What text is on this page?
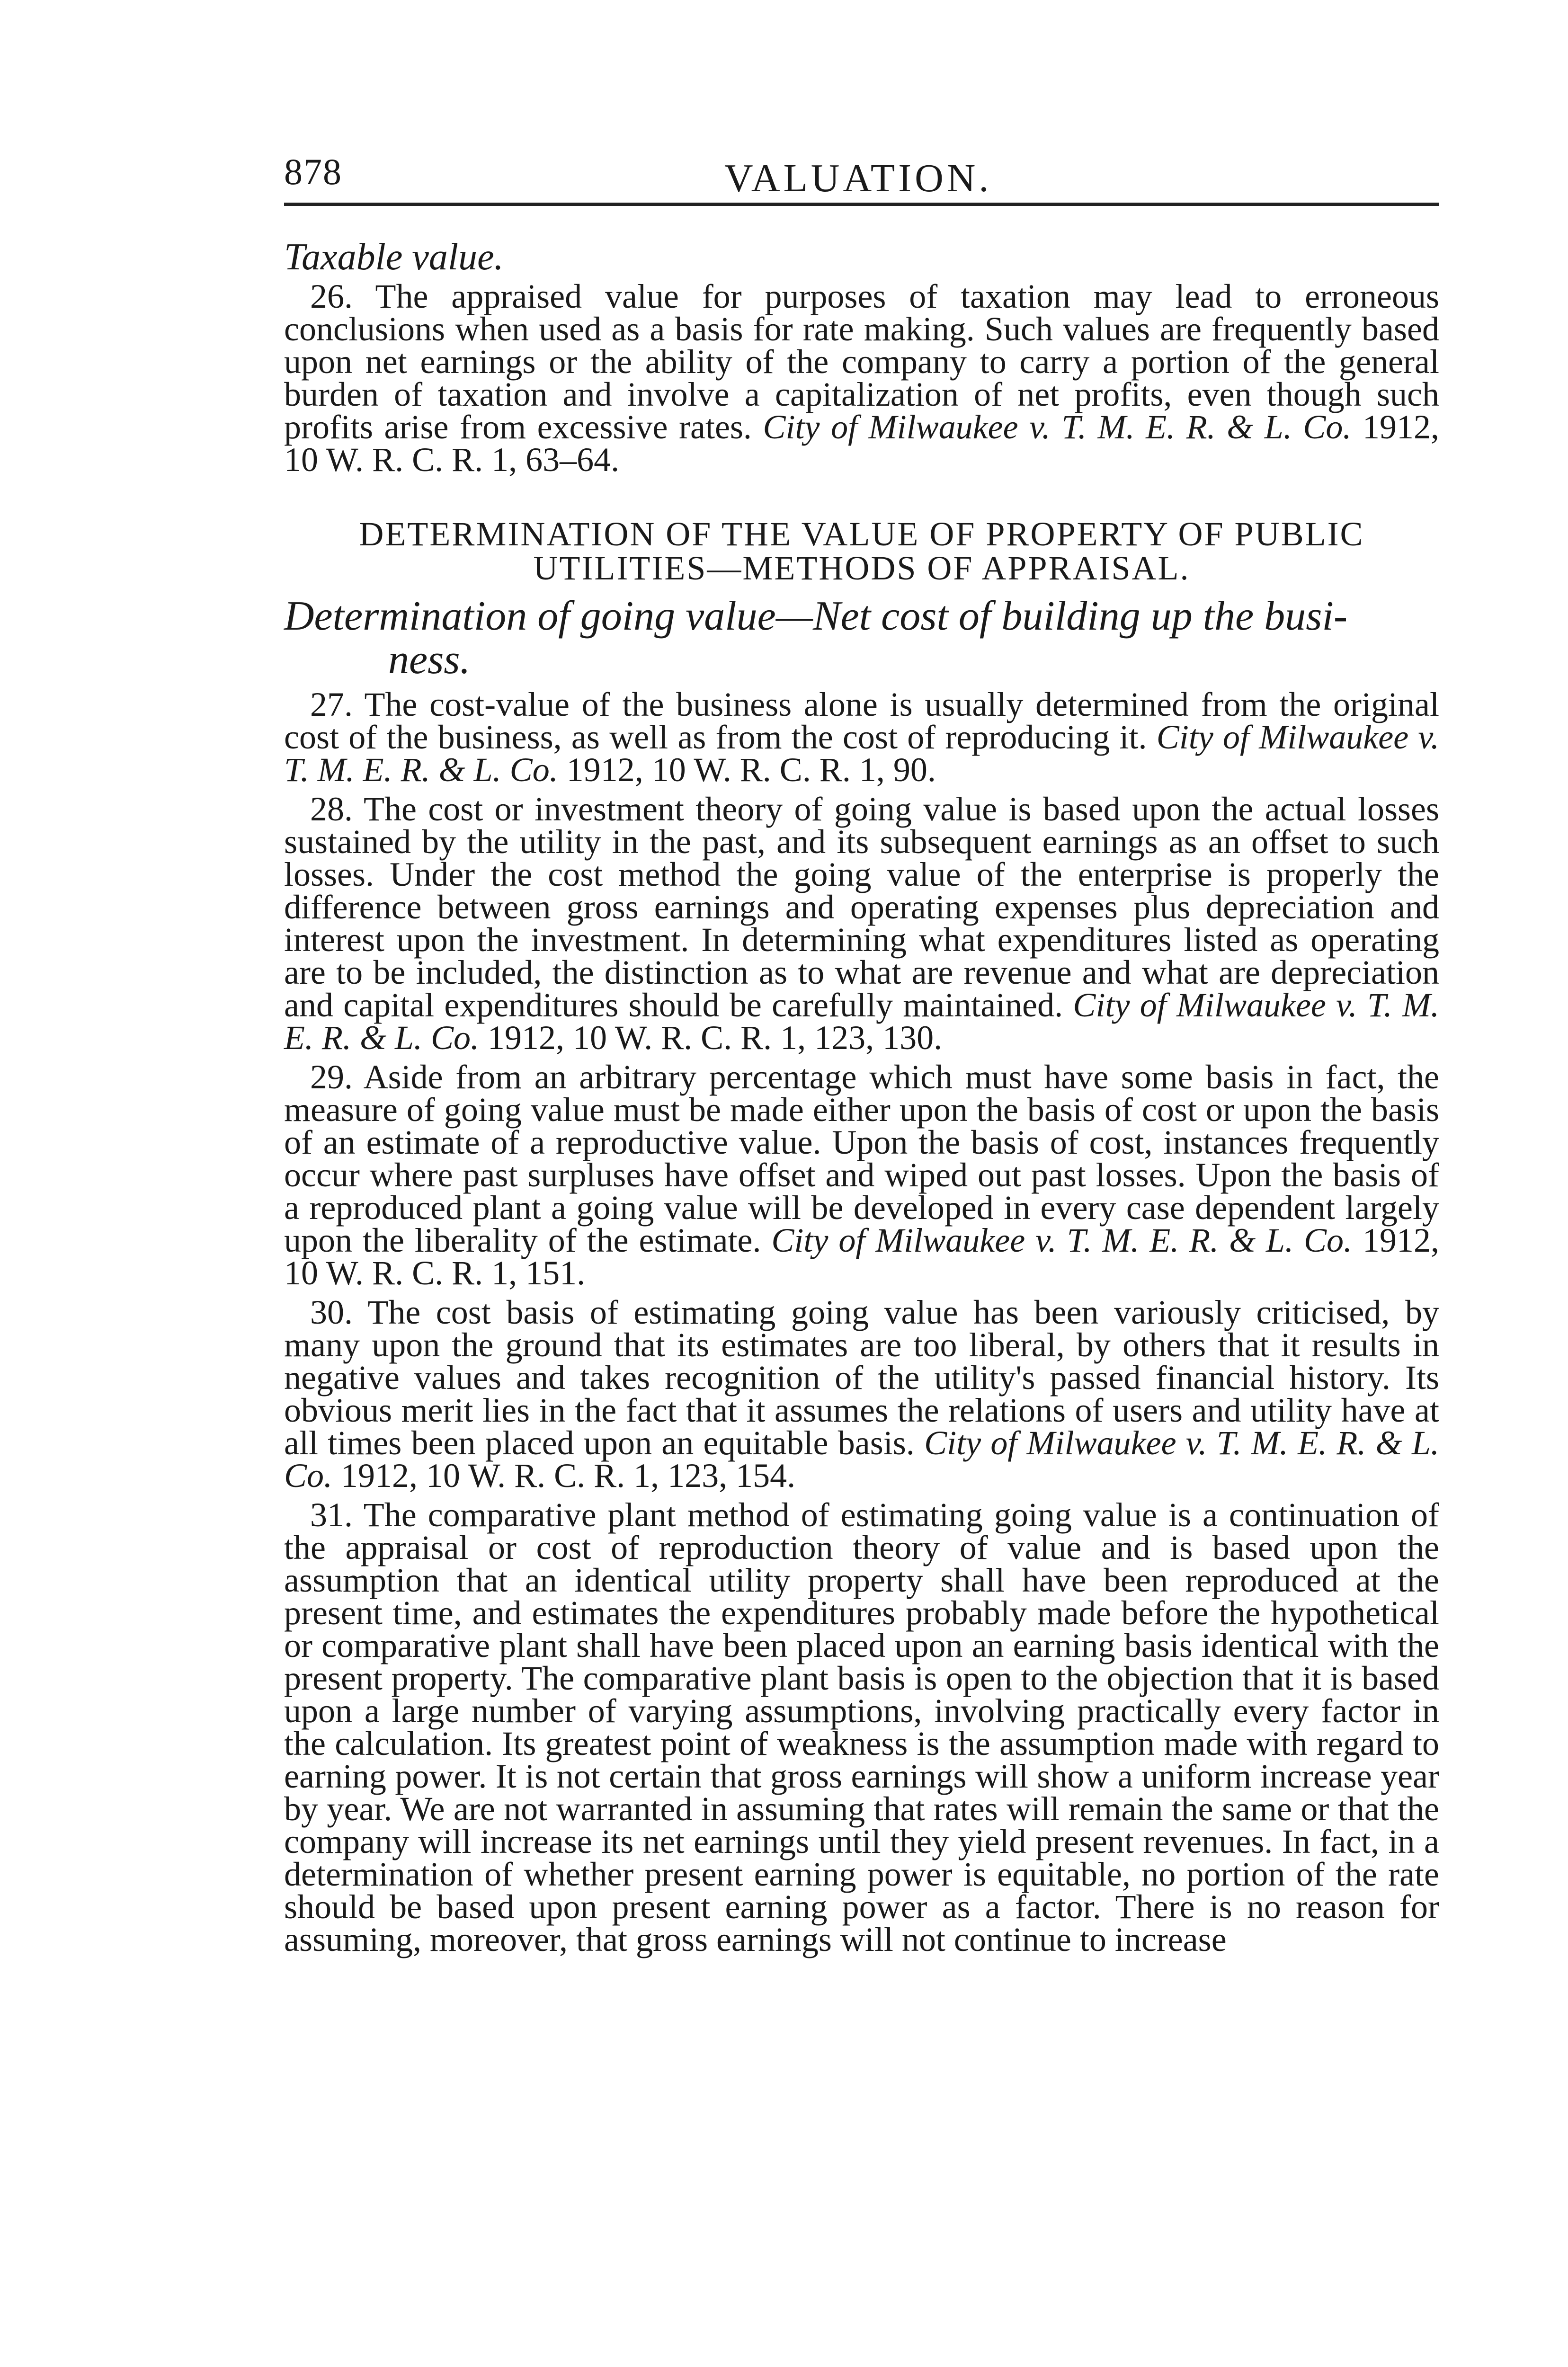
878	VALUATION.
Taxable value.

26. The appraised value for purposes of taxation may lead to erroneous conclusions when used as a basis for rate making. Such values are frequently based upon net earnings or the ability of the company to carry a portion of the general burden of taxation and involve a capitalization of net profits, even though such profits arise from excessive rates. City of Milwaukee v. T. M. E. R. & L. Co. 1912, 10 W. R. C. R. 1, 63–64.

DETERMINATION OF THE VALUE OF PROPERTY OF PUBLIC
UTILITIES—METHODS OF APPRAISAL.
Determination of going value—Net cost of building up the busi-
ness.

27. The cost-value of the business alone is usually determined from the original cost of the business, as well as from the cost of reproducing it. City of Milwaukee v. T. M. E. R. & L. Co. 1912, 10 W. R. C. R. 1, 90.

28. The cost or investment theory of going value is based upon the actual losses sustained by the utility in the past, and its subsequent earnings as an offset to such losses. Under the cost method the going value of the enterprise is properly the difference between gross earnings and operating expenses plus depreciation and interest upon the investment. In determining what expenditures listed as operating are to be included, the distinction as to what are revenue and what are depreciation and capital expenditures should be carefully maintained. City of Milwaukee v. T. M. E. R. & L. Co. 1912, 10 W. R. C. R. 1, 123, 130.

29. Aside from an arbitrary percentage which must have some basis in fact, the measure of going value must be made either upon the basis of cost or upon the basis of an estimate of a reproductive value. Upon the basis of cost, instances frequently occur where past surpluses have offset and wiped out past losses. Upon the basis of a reproduced plant a going value will be developed in every case dependent largely upon the liberality of the estimate. City of Milwaukee v. T. M. E. R. & L. Co. 1912, 10 W. R. C. R. 1, 151.

30. The cost basis of estimating going value has been variously criticised, by many upon the ground that its estimates are too liberal, by others that it results in negative values and takes recognition of the utility's passed financial history. Its obvious merit lies in the fact that it assumes the relations of users and utility have at all times been placed upon an equitable basis. City of Milwaukee v. T. M. E. R. & L. Co. 1912, 10 W. R. C. R. 1, 123, 154.

31. The comparative plant method of estimating going value is a continuation of the appraisal or cost of reproduction theory of value and is based upon the assumption that an identical utility property shall have been reproduced at the present time, and estimates the expenditures probably made before the hypothetical or comparative plant shall have been placed upon an earning basis identical with the present property. The comparative plant basis is open to the objection that it is based upon a large number of varying assumptions, involving practically every factor in the calculation. Its greatest point of weakness is the assumption made with regard to earning power. It is not certain that gross earnings will show a uniform increase year by year. We are not warranted in assuming that rates will remain the same or that the company will increase its net earnings until they yield present revenues. In fact, in a determination of whether present earning power is equitable, no portion of the rate should be based upon present earning power as a factor. There is no reason for assuming, moreover, that gross earnings will not continue to increase
